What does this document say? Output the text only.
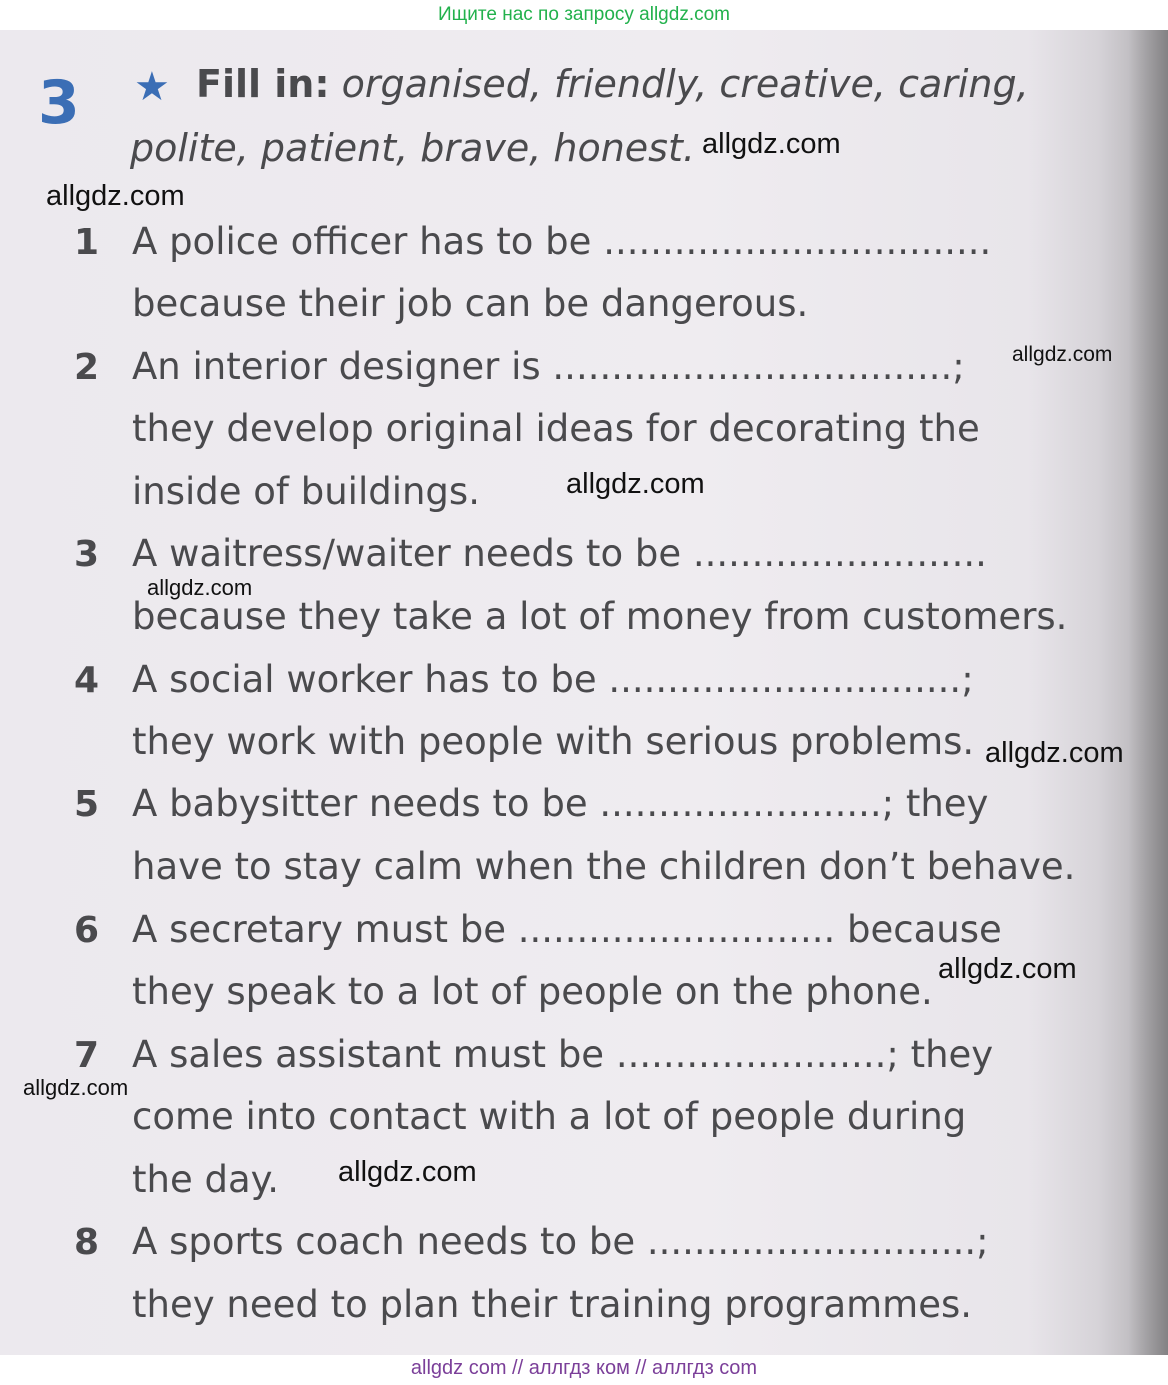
Ищите нас по запросу allgdz.com
3 ★ Fill in: organised, friendly, creative, caring,
polite, patient, brave, honest.
1 A police officer has to be .................................
because their job can be dangerous.
2 An interior designer is ..................................;
they develop original ideas for decorating the
inside of buildings.
3 A waitress/waiter needs to be .........................
because they take a lot of money from customers.
4 A social worker has to be ..............................;
they work with people with serious problems.
5 A babysitter needs to be ........................; they
have to stay calm when the children don’t behave.
6 A secretary must be ........................... because
they speak to a lot of people on the phone.
7 A sales assistant must be .......................; they
come into contact with a lot of people during
the day.
8 A sports coach needs to be ............................;
they need to plan their training programmes.
allgdz.com
allgdz.com
allgdz.com
allgdz.com
allgdz.com
allgdz.com
allgdz.com
allgdz.com
allgdz.com
allgdz com // аллгдз ком // аллгдз com
